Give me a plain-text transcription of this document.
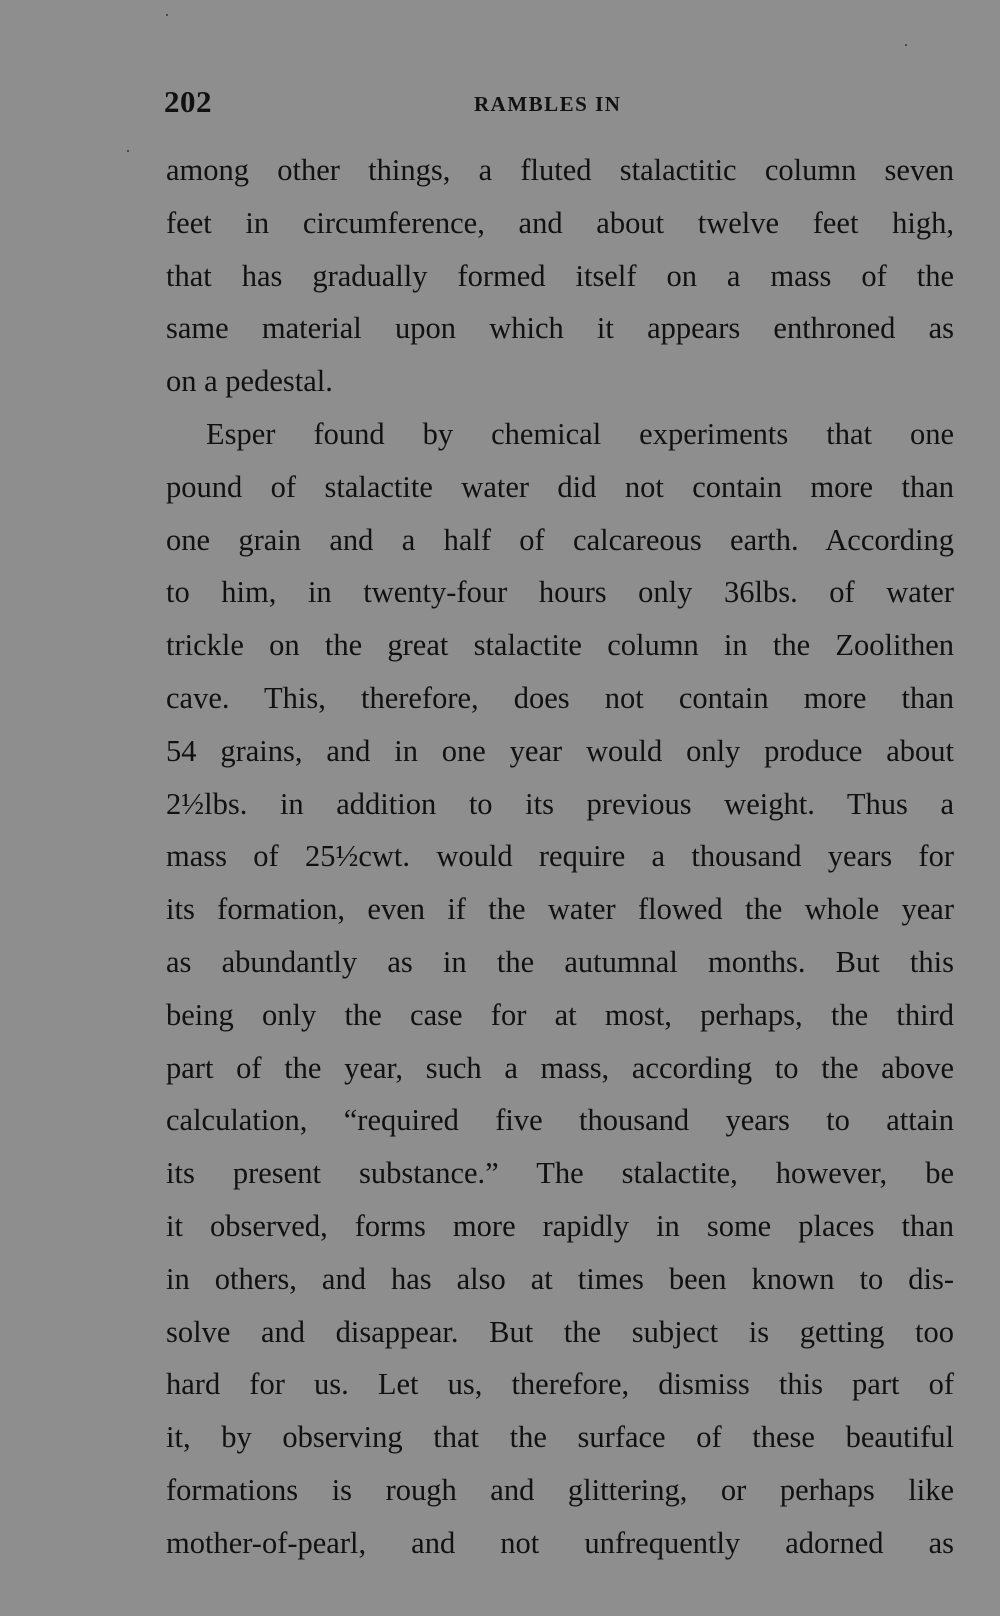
202	RAMBLES IN
among other things, a fluted stalactitic column seven
feet in circumference, and about twelve feet high,
that has gradually formed itself on a mass of the
same material upon which it appears enthroned as
on a pedestal.
Esper found by chemical experiments that one
pound of stalactite water did not contain more than
one grain and a half of calcareous earth. According
to him, in twenty-four hours only 36lbs. of water
trickle on the great stalactite column in the Zoolithen
cave. This, therefore, does not contain more than
54 grains, and in one year would only produce about
2½lbs. in addition to its previous weight. Thus a
mass of 25½cwt. would require a thousand years for
its formation, even if the water flowed the whole year
as abundantly as in the autumnal months. But this
being only the case for at most, perhaps, the third
part of the year, such a mass, according to the above
calculation, “required five thousand years to attain
its present substance.” The stalactite, however, be
it observed, forms more rapidly in some places than
in others, and has also at times been known to dis-
solve and disappear. But the subject is getting too
hard for us. Let us, therefore, dismiss this part of
it, by observing that the surface of these beautiful
formations is rough and glittering, or perhaps like
mother-of-pearl, and not unfrequently adorned as
